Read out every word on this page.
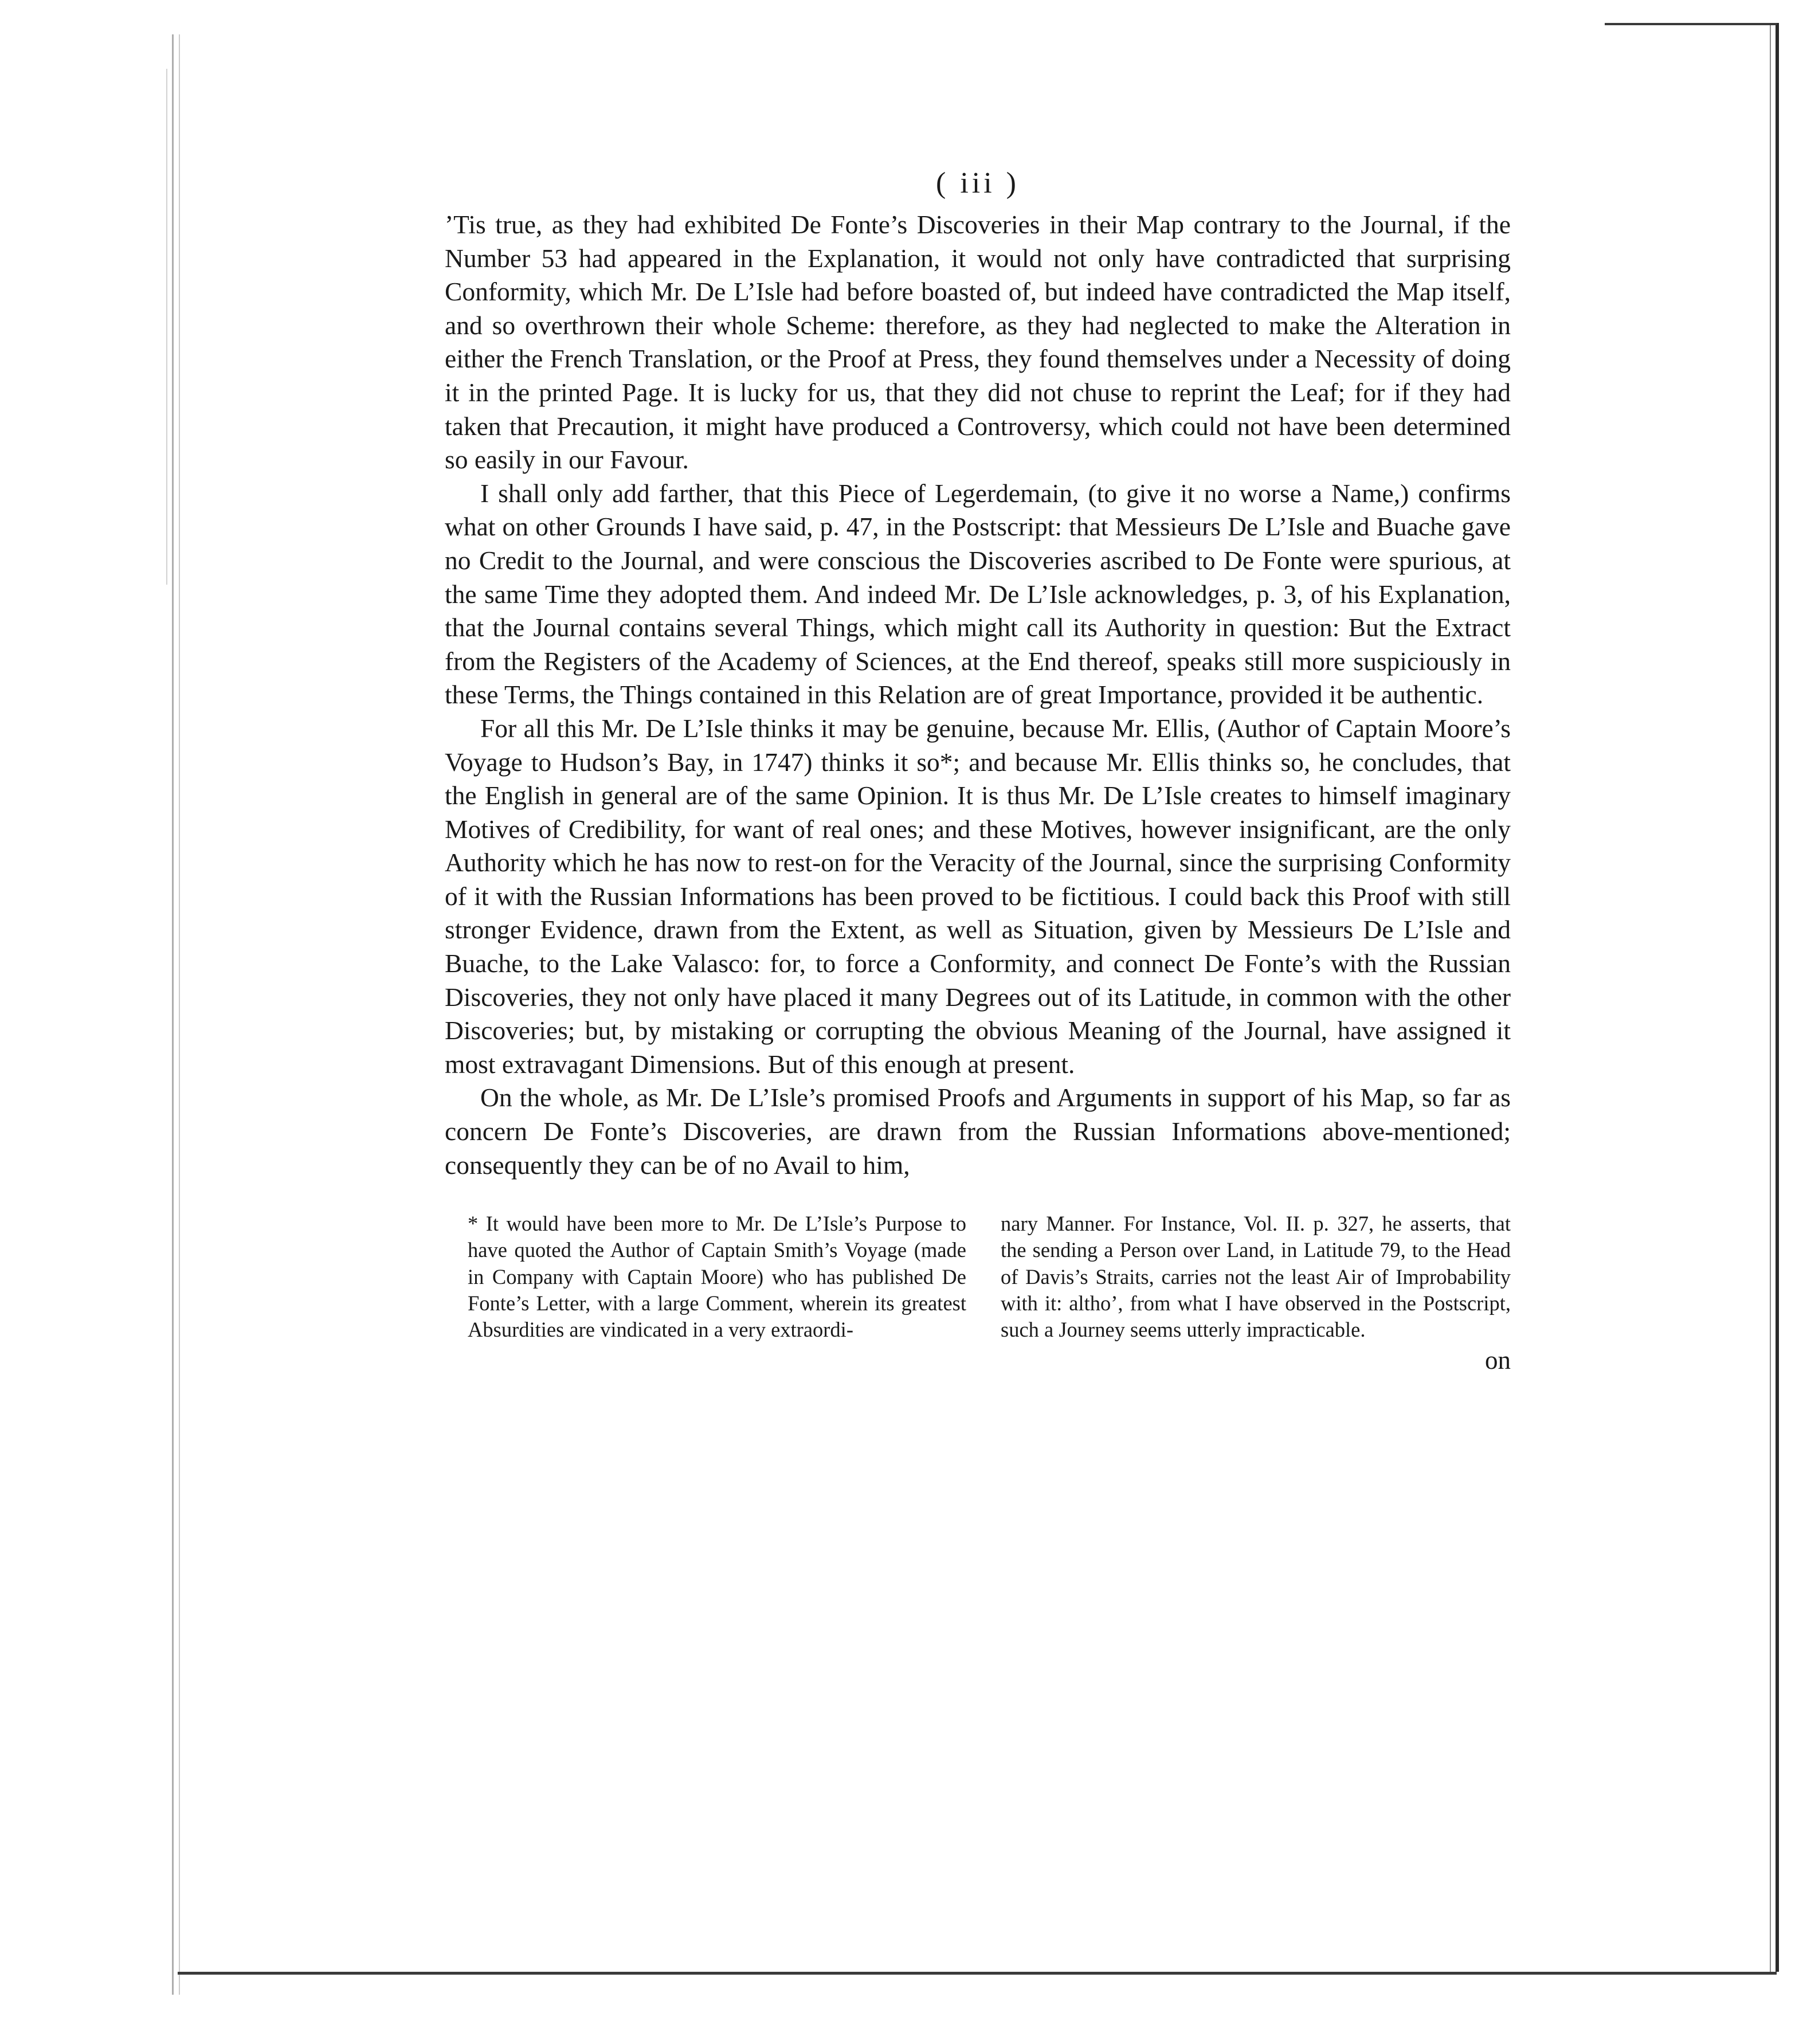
( iii )

’Tis true, as they had exhibited De Fonte’s Discoveries in their Map contrary to the Journal, if the Number 53 had appeared in the Explanation, it would not only have contradicted that surprising Conformity, which Mr. De L’Isle had before boasted of, but indeed have contradicted the Map itself, and so overthrown their whole Scheme: therefore, as they had neglected to make the Alteration in either the French Translation, or the Proof at Press, they found themselves under a Necessity of doing it in the printed Page. It is lucky for us, that they did not chuse to reprint the Leaf; for if they had taken that Precaution, it might have produced a Controversy, which could not have been determined so easily in our Favour.

I shall only add farther, that this Piece of Legerdemain, (to give it no worse a Name,) confirms what on other Grounds I have said, p. 47, in the Postscript: that Messieurs De L’Isle and Buache gave no Credit to the Journal, and were conscious the Discoveries ascribed to De Fonte were spurious, at the same Time they adopted them. And indeed Mr. De L’Isle acknowledges, p. 3, of his Explanation, that the Journal contains several Things, which might call its Authority in question: But the Extract from the Registers of the Academy of Sciences, at the End thereof, speaks still more suspiciously in these Terms, the Things contained in this Relation are of great Importance, provided it be authentic.

For all this Mr. De L’Isle thinks it may be genuine, because Mr. Ellis, (Author of Captain Moore’s Voyage to Hudson’s Bay, in 1747) thinks it so*; and because Mr. Ellis thinks so, he concludes, that the English in general are of the same Opinion. It is thus Mr. De L’Isle creates to himself imaginary Motives of Credibility, for want of real ones; and these Motives, however insignificant, are the only Authority which he has now to rest-on for the Veracity of the Journal, since the surprising Conformity of it with the Russian Informations has been proved to be fictitious. I could back this Proof with still stronger Evidence, drawn from the Extent, as well as Situation, given by Messieurs De L’Isle and Buache, to the Lake Valasco: for, to force a Conformity, and connect De Fonte’s with the Russian Discoveries, they not only have placed it many Degrees out of its Latitude, in common with the other Discoveries; but, by mistaking or corrupting the obvious Meaning of the Journal, have assigned it most extravagant Dimensions. But of this enough at present.

On the whole, as Mr. De L’Isle’s promised Proofs and Arguments in support of his Map, so far as concern De Fonte’s Discoveries, are drawn from the Russian Informations above-mentioned; consequently they can be of no Avail to him,

* It would have been more to Mr. De L’Isle’s Purpose to have quoted the Author of Captain Smith’s Voyage (made in Company with Captain Moore) who has published De Fonte’s Letter, with a large Comment, wherein its greatest Absurdities are vindicated in a very extraordi-
nary Manner. For Instance, Vol. II. p. 327, he asserts, that the sending a Person over Land, in Latitude 79, to the Head of Davis’s Straits, carries not the least Air of Improbability with it: altho’, from what I have observed in the Postscript, such a Journey seems utterly impracticable.
on
